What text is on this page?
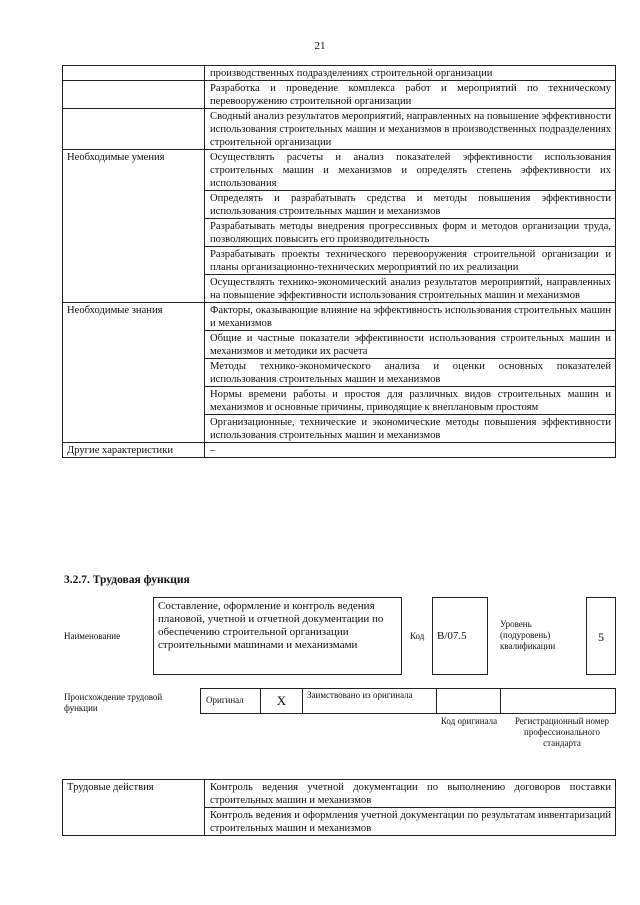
21
	производственных подразделениях строительной организации
	Разработка и проведение комплекса работ и мероприятий по техническому перевооружению строительной организации
	Сводный анализ результатов мероприятий, направленных на повышение эффективности использования строительных машин и механизмов в производственных подразделениях строительной организации
Необходимые умения	Осуществлять расчеты и анализ показателей эффективности использования строительных машин и механизмов и определять степень эффективности их использования
	Определять и разрабатывать средства и методы повышения эффективности использования строительных машин и механизмов
	Разрабатывать методы внедрения прогрессивных форм и методов организации труда, позволяющих повысить его производительность
	Разрабатывать проекты технического перевооружения строительной организации и планы организационно-технических мероприятий по их реализации
	Осуществлять технико-экономический анализ результатов мероприятий, направленных на повышение эффективности использования строительных машин и механизмов
Необходимые знания	Факторы, оказывающие влияние на эффективность использования строительных машин и механизмов
	Общие и частные показатели эффективности использования строительных машин и механизмов и методики их расчета
	Методы технико-экономического анализа и оценки основных показателей использования строительных машин и механизмов
	Нормы времени работы и простоя для различных видов строительных машин и механизмов и основные причины, приводящие к внеплановым простоям
	Организационные, технические и экономические методы повышения эффективности использования строительных машин и механизмов
Другие характеристики	–
3.2.7. Трудовая функция
Наименование
Составление, оформление и контроль ведения плановой, учетной и отчетной документации по обеспечению строительной организации строительными машинами и механизмами
Код	В/07.5
Уровень (подуровень) квалификации
5
Происхождение трудовой функции
Оригинал	X	Заимствовано из оригинала
Код оригинала	Регистрационный номер профессионального стандарта
Трудовые действия	Контроль ведения учетной документации по выполнению договоров поставки строительных машин и механизмов
Контроль ведения и оформления учетной документации по результатам инвентаризаций строительных машин и механизмов
